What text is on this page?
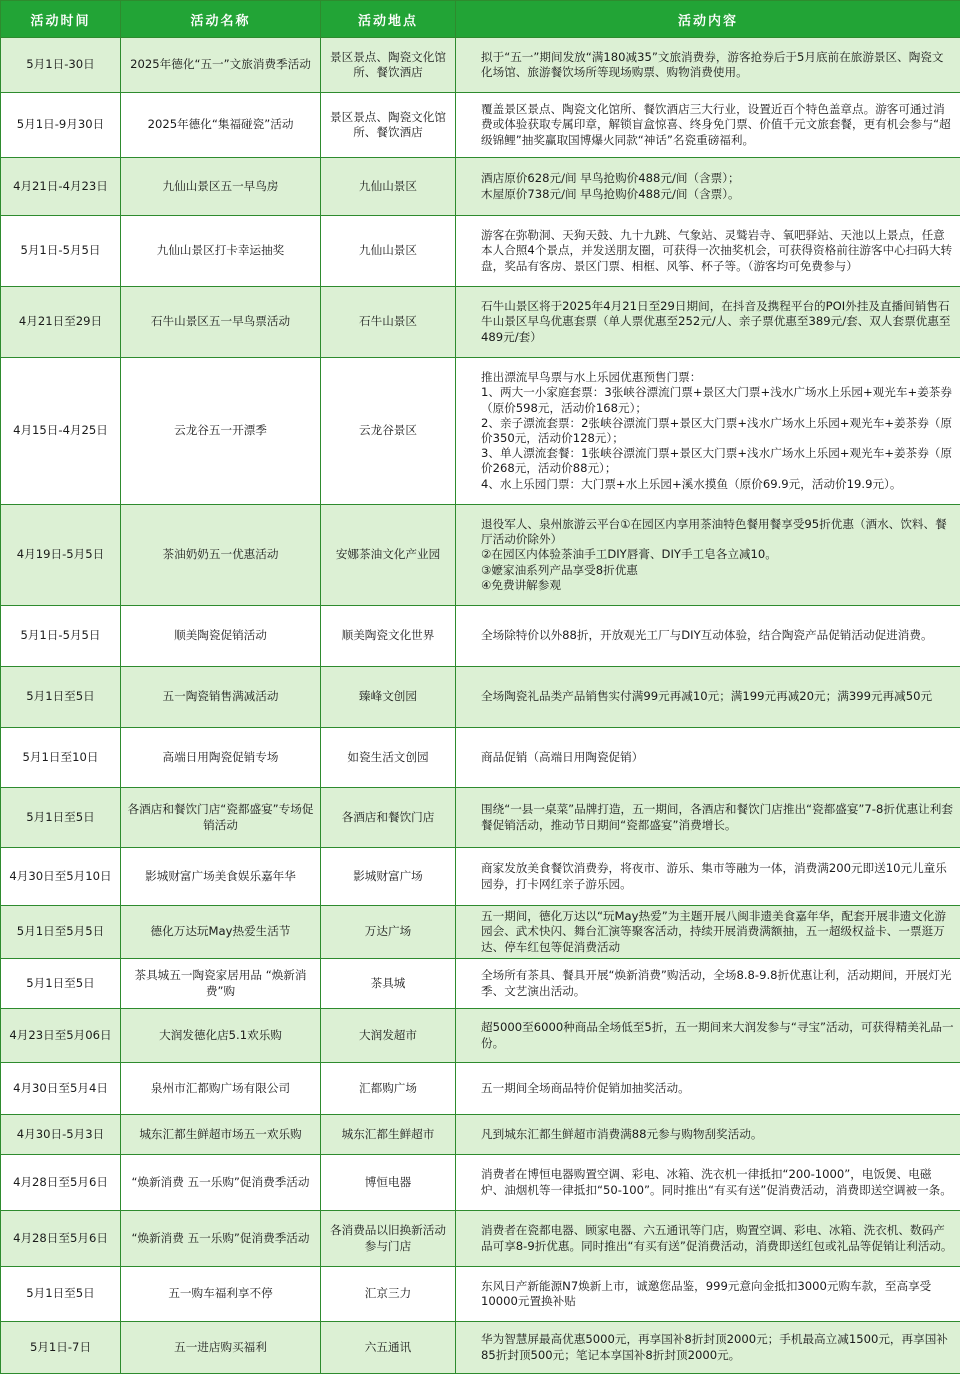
活动时间	活动名称	活动地点	活动内容
5月1日-30日	2025年德化“五一”文旅消费季活动	景区景点、陶瓷文化馆所、餐饮酒店	拟于“五一”期间发放“满180减35”文旅消费券，游客抢券后于5月底前在旅游景区、陶瓷文化场馆、旅游餐饮场所等现场购票、购物消费使用。
5月1日-9月30日	2025年德化“集福碰瓷”活动	景区景点、陶瓷文化馆所、餐饮酒店	覆盖景区景点、陶瓷文化馆所、餐饮酒店三大行业，设置近百个特色盖章点。游客可通过消费或体验获取专属印章，解锁盲盒惊喜、终身免门票、价值千元文旅套餐，更有机会参与“超级锦鲤”抽奖赢取国博爆火同款“神话”名瓷重磅福利。
4月21日-4月23日	九仙山景区五一早鸟房	九仙山景区	酒店原价628元/间 早鸟抢购价488元/间（含票）；
木屋原价738元/间 早鸟抢购价488元/间（含票）。
5月1日-5月5日	九仙山景区打卡幸运抽奖	九仙山景区	游客在弥勒洞、天狗天鼓、九十九跳、气象站、灵鹫岩寺、氧吧驿站、天池以上景点，任意本人合照4个景点，并发送朋友圈，可获得一次抽奖机会，可获得资格前往游客中心扫码大转盘，奖品有客房、景区门票、相框、风筝、杯子等。（游客均可免费参与）
4月21日至29日	石牛山景区五一早鸟票活动	石牛山景区	石牛山景区将于2025年4月21日至29日期间，在抖音及携程平台的POI外挂及直播间销售石牛山景区早鸟优惠套票（单人票优惠至252元/人、亲子票优惠至389元/套、双人套票优惠至489元/套）
4月15日-4月25日	云龙谷五一开漂季	云龙谷景区	推出漂流早鸟票与水上乐园优惠预售门票：
1、两大一小家庭套票：3张峡谷漂流门票+景区大门票+浅水广场水上乐园+观光车+姜茶券（原价598元，活动价168元）；
2、亲子漂流套票：2张峡谷漂流门票+景区大门票+浅水广场水上乐园+观光车+姜茶券（原价350元，活动价128元）；
3、单人漂流套餐：1张峡谷漂流门票+景区大门票+浅水广场水上乐园+观光车+姜茶券（原价268元，活动价88元）；
4、水上乐园门票：大门票+水上乐园+溪水摸鱼（原价69.9元，活动价19.9元）。
4月19日-5月5日	茶油奶奶五一优惠活动	安娜茶油文化产业园	退役军人、泉州旅游云平台①在园区内享用茶油特色餐用餐享受95折优惠（酒水、饮料、餐厅活动价除外）
②在园区内体验茶油手工DIY唇膏、DIY手工皂各立减10。
③嬷家油系列产品享受8折优惠
④免费讲解参观
5月1日-5月5日	顺美陶瓷促销活动	顺美陶瓷文化世界	全场除特价以外88折，开放观光工厂与DIY互动体验，结合陶瓷产品促销活动促进消费。
5月1日至5日	五一陶瓷销售满减活动	臻峰文创园	全场陶瓷礼品类产品销售实付满99元再减10元；满199元再减20元；满399元再减50元
5月1日至10日	高端日用陶瓷促销专场	如瓷生活文创园	商品促销（高端日用陶瓷促销）
5月1日至5日	各酒店和餐饮门店“瓷都盛宴”专场促销活动	各酒店和餐饮门店	围绕“一县一桌菜”品牌打造，五一期间，各酒店和餐饮门店推出“瓷都盛宴”7-8折优惠让利套餐促销活动，推动节日期间“瓷都盛宴”消费增长。
4月30日至5月10日	影城财富广场美食娱乐嘉年华	影城财富广场	商家发放美食餐饮消费券，将夜市、游乐、集市等融为一体，消费满200元即送10元儿童乐园券，打卡网红亲子游乐园。
5月1日至5月5日	德化万达玩May热爱生活节	万达广场	五一期间，德化万达以“玩May热爱”为主题开展八闽非遗美食嘉年华，配套开展非遗文化游园会、武术快闪、舞台汇演等聚客活动，持续开展消费满额抽，五一超级权益卡、一票逛万达、停车红包等促消费活动
5月1日至5日	茶具城五一陶瓷家居用品 “焕新消费”购	茶具城	全场所有茶具、餐具开展“焕新消费”购活动，全场8.8-9.8折优惠让利，活动期间，开展灯光季、文艺演出活动。
4月23日至5月06日	大润发德化店5.1欢乐购	大润发超市	超5000至6000种商品全场低至5折，五一期间来大润发参与“寻宝”活动，可获得精美礼品一份。
4月30日至5月4日	泉州市汇都购广场有限公司	汇都购广场	五一期间全场商品特价促销加抽奖活动。
4月30日-5月3日	城东汇都生鲜超市场五一欢乐购	城东汇都生鲜超市	凡到城东汇都生鲜超市消费满88元参与购物刮奖活动。
4月28日至5月6日	“焕新消费 五一乐购”促消费季活动	博恒电器	消费者在博恒电器购置空调、彩电、冰箱、洗衣机一律抵扣“200-1000”，电饭煲、电磁炉、油烟机等一律抵扣“50-100”。同时推出“有买有送”促消费活动，消费即送空调被一条。
4月28日至5月6日	“焕新消费 五一乐购”促消费季活动	各消费品以旧换新活动参与门店	消费者在瓷都电器、顾家电器、六五通讯等门店，购置空调、彩电、冰箱、洗衣机、数码产品可享8-9折优惠。同时推出“有买有送”促消费活动，消费即送红包或礼品等促销让利活动。
5月1日至5日	五一购车福利享不停	汇京三力	东风日产新能源N7焕新上市，诚邀您品鉴，999元意向金抵扣3000元购车款，至高享受10000元置换补贴
5月1日-7日	五一进店购买福利	六五通讯	华为智慧屏最高优惠5000元，再享国补8折封顶2000元；手机最高立减1500元，再享国补85折封顶500元；笔记本享国补8折封顶2000元。
